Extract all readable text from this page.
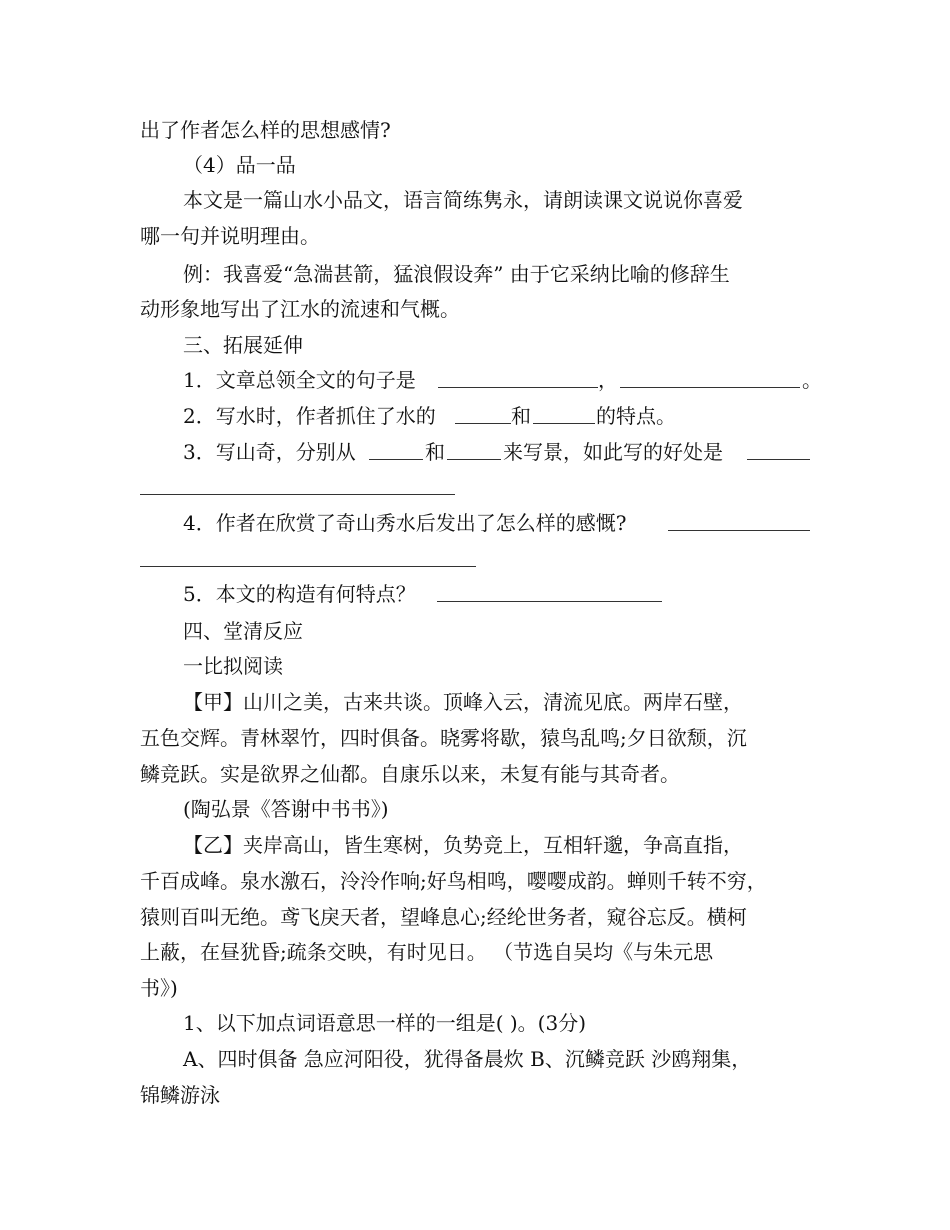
出了作者怎么样的思想感情?
（4）品一品
本文是一篇山水小品文，语言简练隽永，请朗读课文说说你喜爱
哪一句并说明理由。
例：我喜爱“急湍甚箭，猛浪假设奔” 由于它采纳比喻的修辞生
动形象地写出了江水的流速和气概。
三、拓展延伸
1．文章总领全文的句子是	，	。
2．写水时，作者抓住了水的	和	的特点。
3．写山奇，分别从	和	来写景，如此写的好处是
4．作者在欣赏了奇山秀水后发出了怎么样的感慨?
5．本文的构造有何特点？
四、堂清反应
一比拟阅读
【甲】山川之美，古来共谈。顶峰入云，清流见底。两岸石壁，
五色交辉。青林翠竹，四时俱备。晓雾将歇，猿鸟乱鸣;夕日欲颓，沉
鳞竞跃。实是欲界之仙都。自康乐以来，未复有能与其奇者。
(陶弘景《答谢中书书》)
【乙】夹岸高山，皆生寒树，负势竞上，互相轩邈，争高直指，
千百成峰。泉水激石，泠泠作响;好鸟相鸣，嘤嘤成韵。蝉则千转不穷，
猿则百叫无绝。鸢飞戾天者，望峰息心;经纶世务者，窥谷忘反。横柯
上蔽，在昼犹昏;疏条交映，有时见日。 （节选自吴均《与朱元思
书》)
1、以下加点词语意思一样的一组是( )。(3分)
A、四时俱备 急应河阳役，犹得备晨炊 B、沉鳞竞跃 沙鸥翔集，
锦鳞游泳
